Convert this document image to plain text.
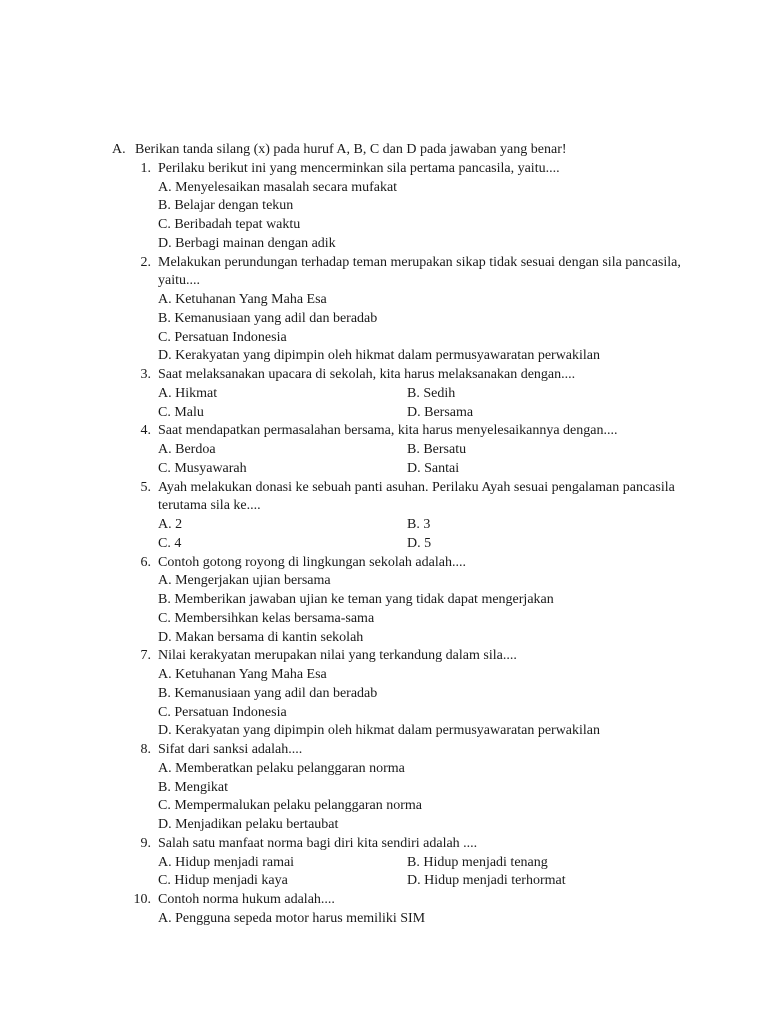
A. Berikan tanda silang (x) pada huruf A, B, C dan D pada jawaban yang benar!
1. Perilaku berikut ini yang mencerminkan sila pertama pancasila, yaitu....
A. Menyelesaikan masalah secara mufakat
B. Belajar dengan tekun
C. Beribadah tepat waktu
D. Berbagi mainan dengan adik
2. Melakukan perundungan terhadap teman merupakan sikap tidak sesuai dengan sila pancasila,
yaitu....
A. Ketuhanan Yang Maha Esa
B. Kemanusiaan yang adil dan beradab
C. Persatuan Indonesia
D. Kerakyatan yang dipimpin oleh hikmat dalam permusyawaratan perwakilan
3. Saat melaksanakan upacara di sekolah, kita harus melaksanakan dengan....
A. Hikmat	B. Sedih
C. Malu	D. Bersama
4. Saat mendapatkan permasalahan bersama, kita harus menyelesaikannya dengan....
A. Berdoa	B. Bersatu
C. Musyawarah	D. Santai
5. Ayah melakukan donasi ke sebuah panti asuhan. Perilaku Ayah sesuai pengalaman pancasila
terutama sila ke....
A. 2	B. 3
C. 4	D. 5
6. Contoh gotong royong di lingkungan sekolah adalah....
A. Mengerjakan ujian bersama
B. Memberikan jawaban ujian ke teman yang tidak dapat mengerjakan
C. Membersihkan kelas bersama-sama
D. Makan bersama di kantin sekolah
7. Nilai kerakyatan merupakan nilai yang terkandung dalam sila....
A. Ketuhanan Yang Maha Esa
B. Kemanusiaan yang adil dan beradab
C. Persatuan Indonesia
D. Kerakyatan yang dipimpin oleh hikmat dalam permusyawaratan perwakilan
8. Sifat dari sanksi adalah....
A. Memberatkan pelaku pelanggaran norma
B. Mengikat
C. Mempermalukan pelaku pelanggaran norma
D. Menjadikan pelaku bertaubat
9. Salah satu manfaat norma bagi diri kita sendiri adalah ....
A. Hidup menjadi ramai	B. Hidup menjadi tenang
C. Hidup menjadi kaya	D. Hidup menjadi terhormat
10. Contoh norma hukum adalah....
A. Pengguna sepeda motor harus memiliki SIM
